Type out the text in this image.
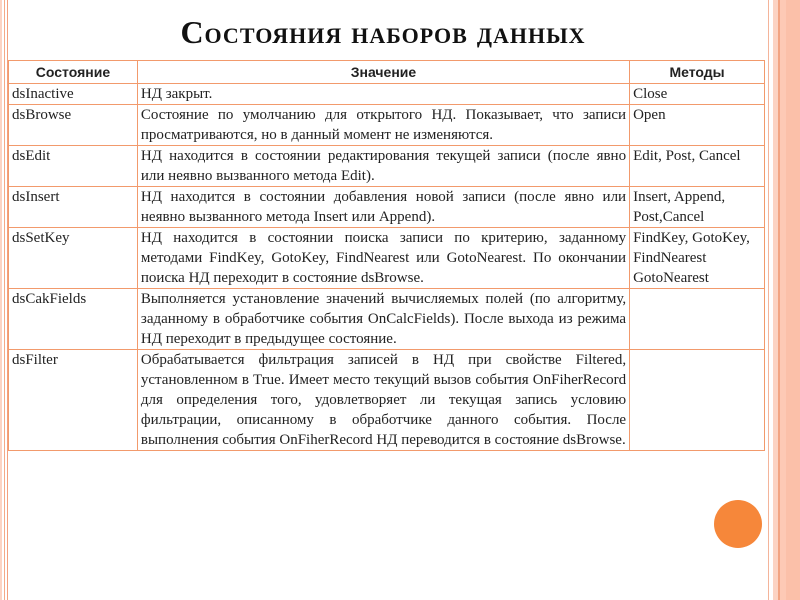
Состояния наборов данных
Состояние	Значение	Методы
dsInactive	НД закрыт.	Close
dsBrowse	Состояние по умолчанию для открытого НД. Показывает, что записи просматриваются, но в данный момент не изменяются.	Open
dsEdit	НД находится в состоянии редактирования текущей записи (после явно или неявно вызванного метода Edit).	Edit, Post, Cancel
dsInsert	НД находится в состоянии добавления новой записи (после явно или неявно вызванного метода Insert или Append).	Insert, Append, Post,Cancel
dsSetKey	НД находится в состоянии поиска записи по критерию, заданному методами FindKey, GotoKey, FindNearest или GotoNearest. По окончании поиска НД переходит в состояние dsBrowse.	FindKey, GotoKey, FindNearest GotoNearest
dsCakFields	Выполняется установление значений вычисляемых полей (по алгоритму, заданному в обработчике события OnCalcFields). После выхода из режима НД переходит в предыдущее состояние.	
dsFilter	Обрабатывается фильтрация записей в НД при свойстве Filtered, установленном в True. Имеет место текущий вызов события OnFiherRecord для определения того, удовлетворяет ли текущая запись условию фильтрации, описанному в обработчике данного события. После выполнения события OnFiherRecord НД переводится в состояние dsBrowse.	
